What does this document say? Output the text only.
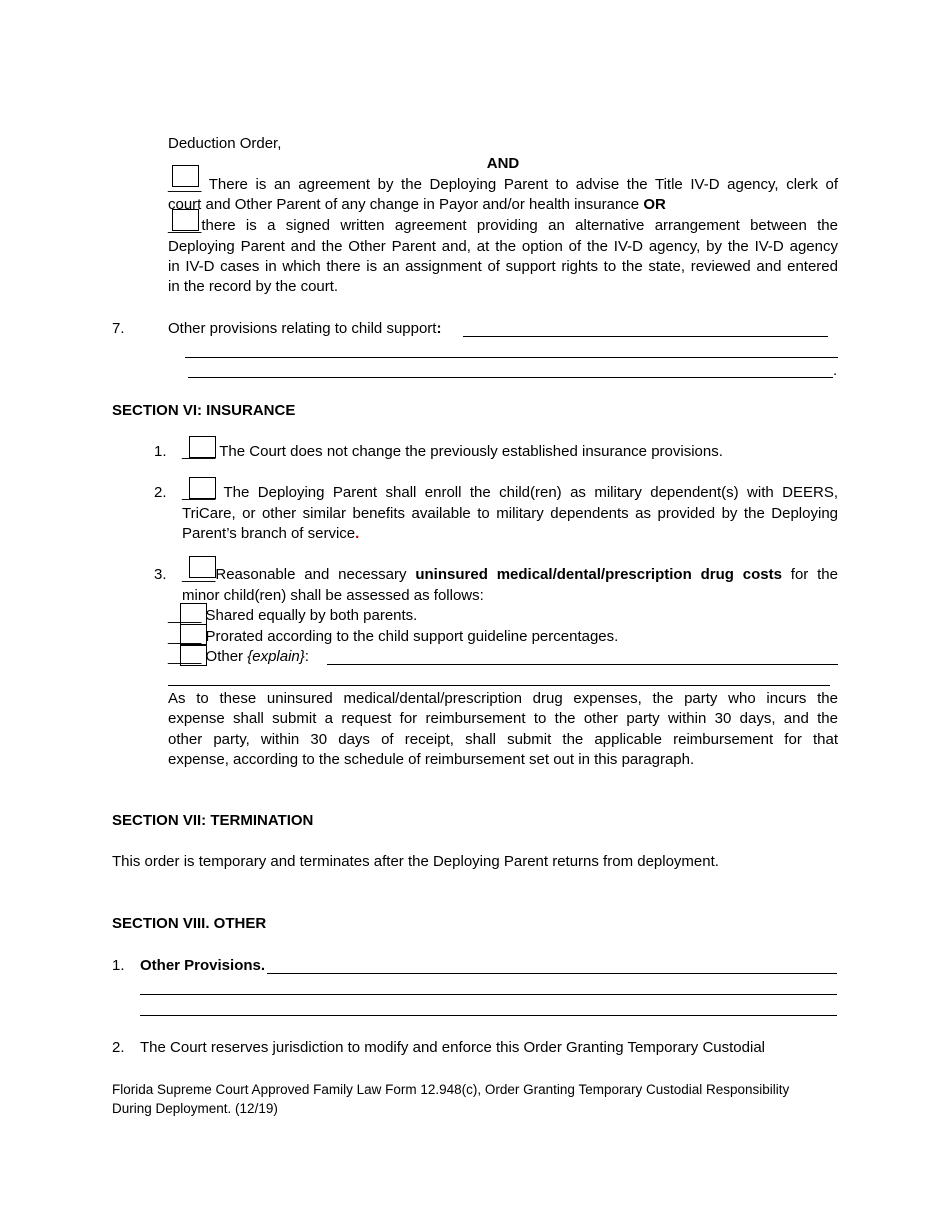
Deduction Order,
AND
____ There is an agreement by the Deploying Parent to advise the Title IV-D agency, clerk of
court and Other Parent of any change in Payor and/or health insurance OR
____there is a signed written agreement providing an alternative arrangement between the
Deploying Parent and the Other Parent and, at the option of the IV-D agency, by the IV-D agency
in IV-D cases in which there is an assignment of support rights to the state, reviewed and entered
in the record by the court.
7.	Other provisions relating to child support:
.
SECTION VI: INSURANCE
1. ____ The Court does not change the previously established insurance provisions.
2. ____ The Deploying Parent shall enroll the child(ren) as military dependent(s) with DEERS,
TriCare, or other similar benefits available to military dependents as provided by the Deploying
Parent’s branch of service.
3. ____Reasonable and necessary uninsured medical/dental/prescription drug costs for the
minor child(ren) shall be assessed as follows:
____ Shared equally by both parents.
____ Prorated according to the child support guideline percentages.
____ Other {explain}:
As to these uninsured medical/dental/prescription drug expenses, the party who incurs the
expense shall submit a request for reimbursement to the other party within 30 days, and the
other party, within 30 days of receipt, shall submit the applicable reimbursement for that
expense, according to the schedule of reimbursement set out in this paragraph.
SECTION VII: TERMINATION
This order is temporary and terminates after the Deploying Parent returns from deployment.
SECTION VIII. OTHER
1. Other Provisions.
2. The Court reserves jurisdiction to modify and enforce this Order Granting Temporary Custodial
Florida Supreme Court Approved Family Law Form 12.948(c), Order Granting Temporary Custodial Responsibility
During Deployment. (12/19)
